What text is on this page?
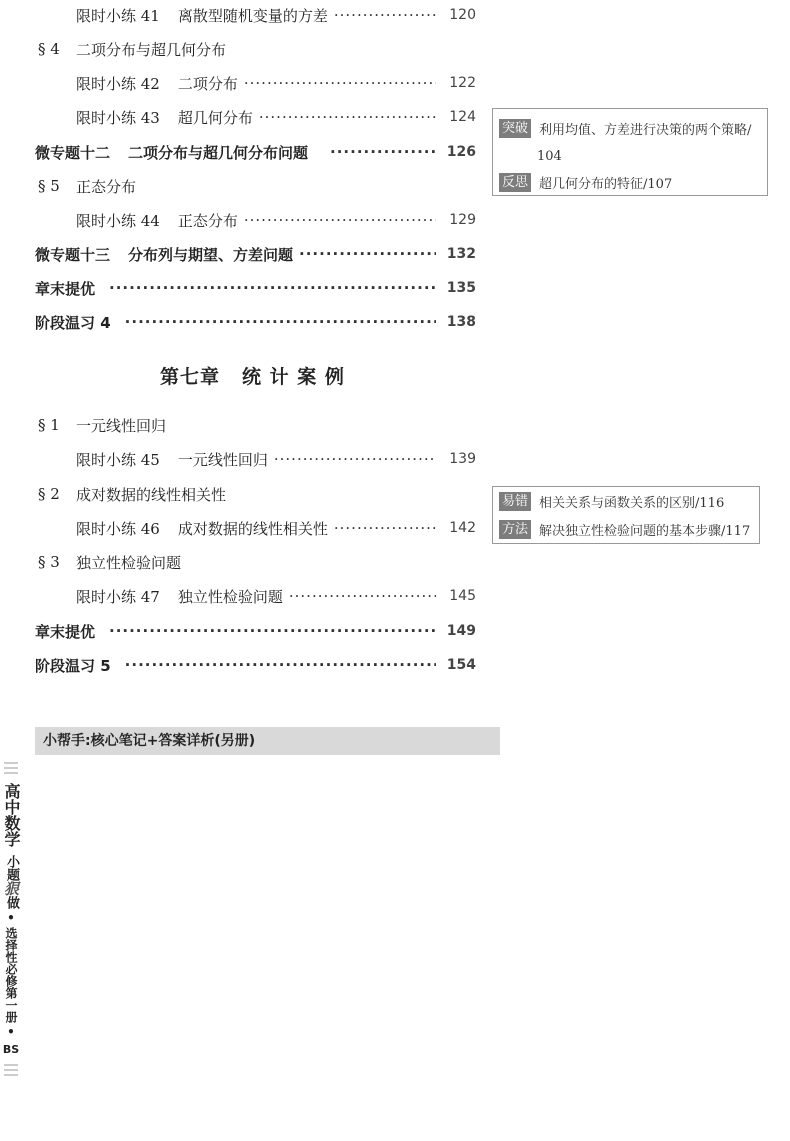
限时小练 41 离散型随机变量的方差 ·····	120
§ 4	二项分布与超几何分布
限时小练 42 二项分布 ·····	122
限时小练 43 超几何分布 ·····	124
微专题十二 二项分布与超几何分布问题 ·····	126
§ 5	正态分布
限时小练 44 正态分布 ·····	129
微专题十三 分布列与期望、方差问题 ·····	132
章末提优 ·····	135
阶段温习 4 ·····	138
突破 利用均值、方差进行决策的两个策略/
104
反思 超几何分布的特征/107
第七章 统 计 案 例
§ 1	一元线性回归
限时小练 45 一元线性回归 ·····	139
§ 2	成对数据的线性相关性
限时小练 46 成对数据的线性相关性 ·····	142
§ 3	独立性检验问题
限时小练 47 独立性检验问题 ·····	145
章末提优 ·····	149
阶段温习 5 ·····	154
易错 相关关系与函数关系的区别/116
方法 解决独立性检验问题的基本步骤/117
小帮手:核心笔记+答案详析(另册)
高中数学
小题
狠
做
•
选择性必修第一册
•
BS
